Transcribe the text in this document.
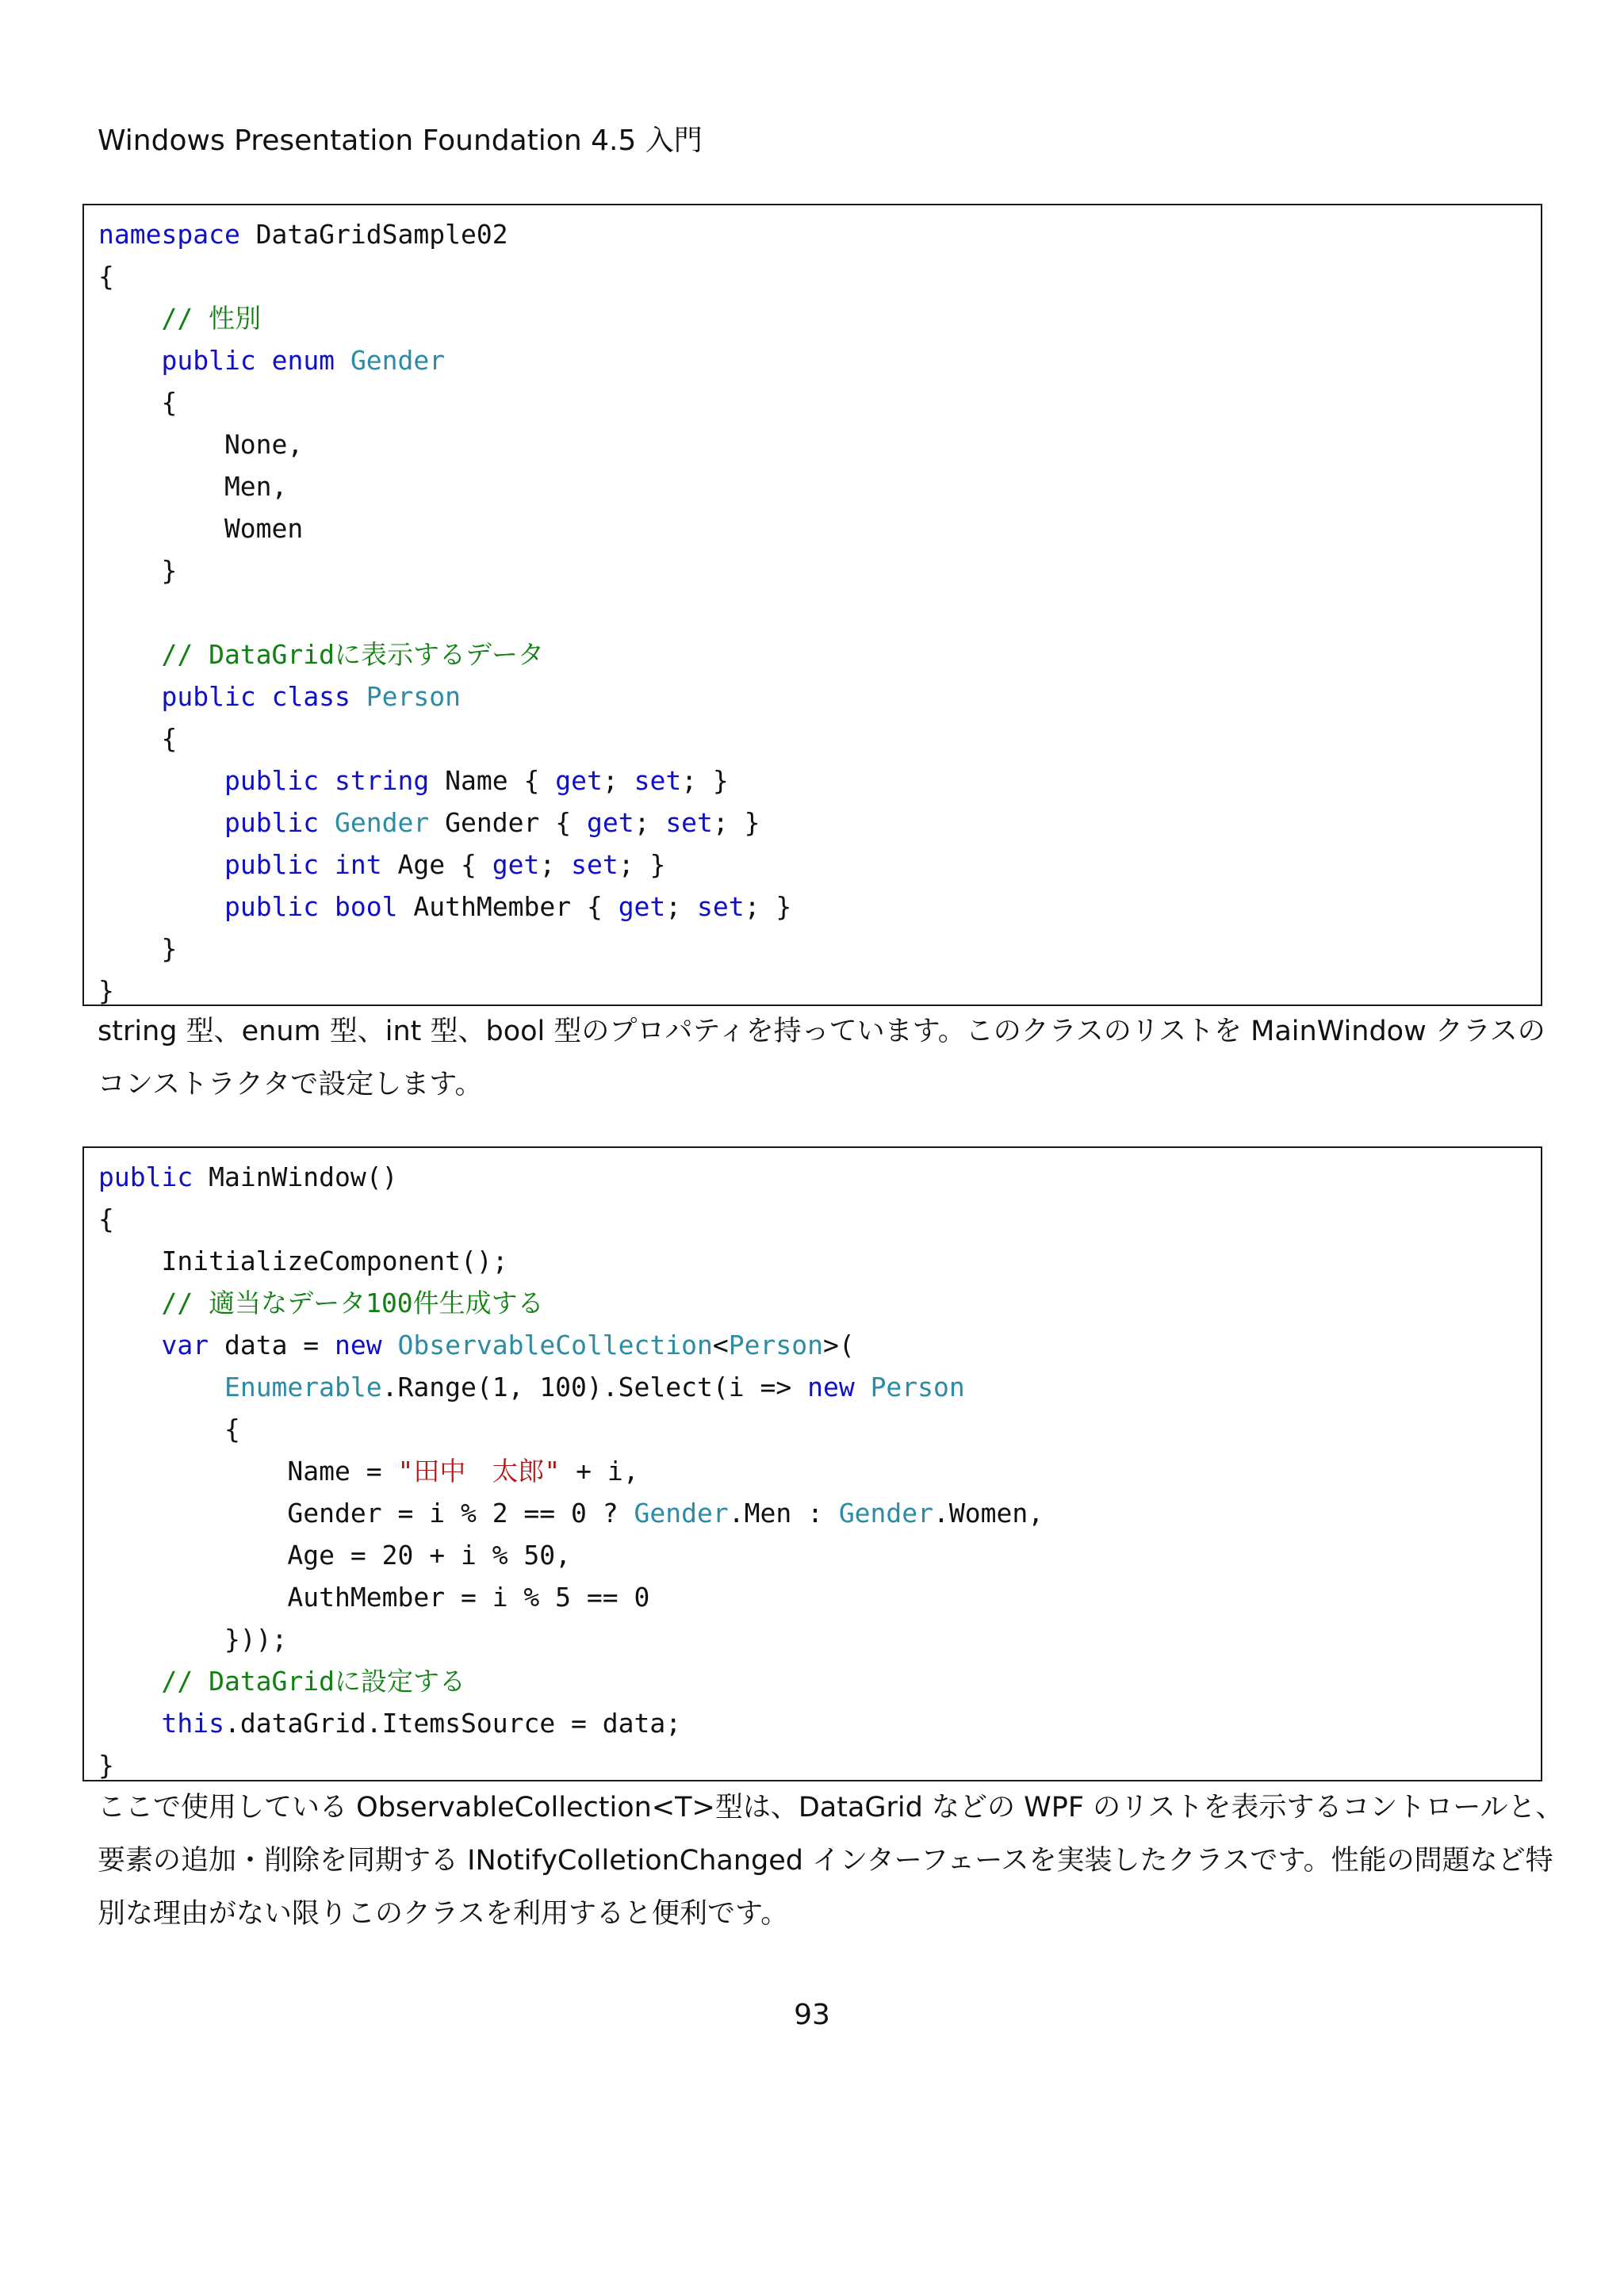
Windows Presentation Foundation 4.5 入門
namespace DataGridSample02
{
// 性別
public enum Gender
{
None,
Men,
Women
}
// DataGridに表示するデータ
public class Person
{
public string Name { get; set; }
public Gender Gender { get; set; }
public int Age { get; set; }
public bool AuthMember { get; set; }
}
}

string 型、enum 型、int 型、bool 型のプロパティを持っています。このクラスのリストを MainWindow クラスの

コンストラクタで設定します。

public MainWindow()
{
InitializeComponent();
// 適当なデータ100件生成する
var data = new ObservableCollection<Person>(
Enumerable.Range(1, 100).Select(i => new Person
{
Name = "田中　太郎" + i,
Gender = i % 2 == 0 ? Gender.Men : Gender.Women,
Age = 20 + i % 50,
AuthMember = i % 5 == 0
}));
// DataGridに設定する
this.dataGrid.ItemsSource = data;
}

ここで使用している ObservableCollection<T>型は、DataGrid などの WPF のリストを表示するコントロールと、

要素の追加・削除を同期する INotifyColletionChanged インターフェースを実装したクラスです。性能の問題など特

別な理由がない限りこのクラスを利用すると便利です。

93
